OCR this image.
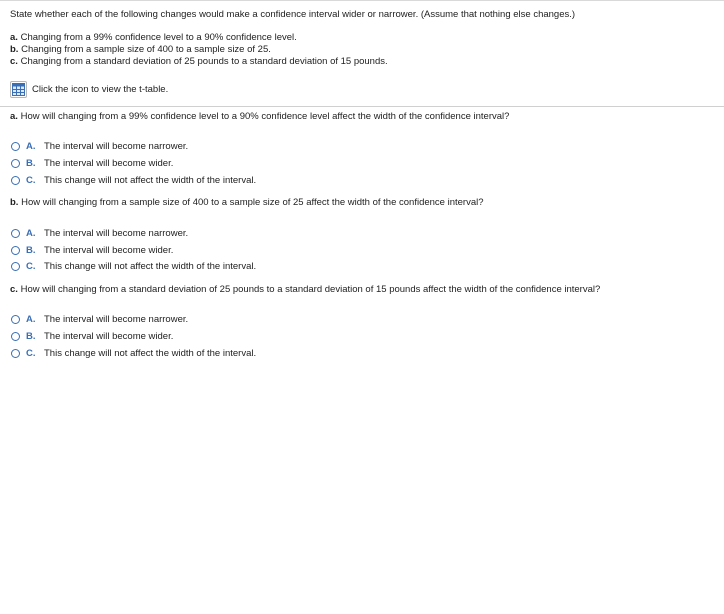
State whether each of the following changes would make a confidence interval wider or narrower. (Assume that nothing else changes.)
a. Changing from a 99% confidence level to a 90% confidence level.
b. Changing from a sample size of 400 to a sample size of 25.
c. Changing from a standard deviation of 25 pounds to a standard deviation of 15 pounds.
Click the icon to view the t-table.
a. How will changing from a 99% confidence level to a 90% confidence level affect the width of the confidence interval?
A. The interval will become narrower.
B. The interval will become wider.
C. This change will not affect the width of the interval.
b. How will changing from a sample size of 400 to a sample size of 25 affect the width of the confidence interval?
A. The interval will become narrower.
B. The interval will become wider.
C. This change will not affect the width of the interval.
c. How will changing from a standard deviation of 25 pounds to a standard deviation of 15 pounds affect the width of the confidence interval?
A. The interval will become narrower.
B. The interval will become wider.
C. This change will not affect the width of the interval.
